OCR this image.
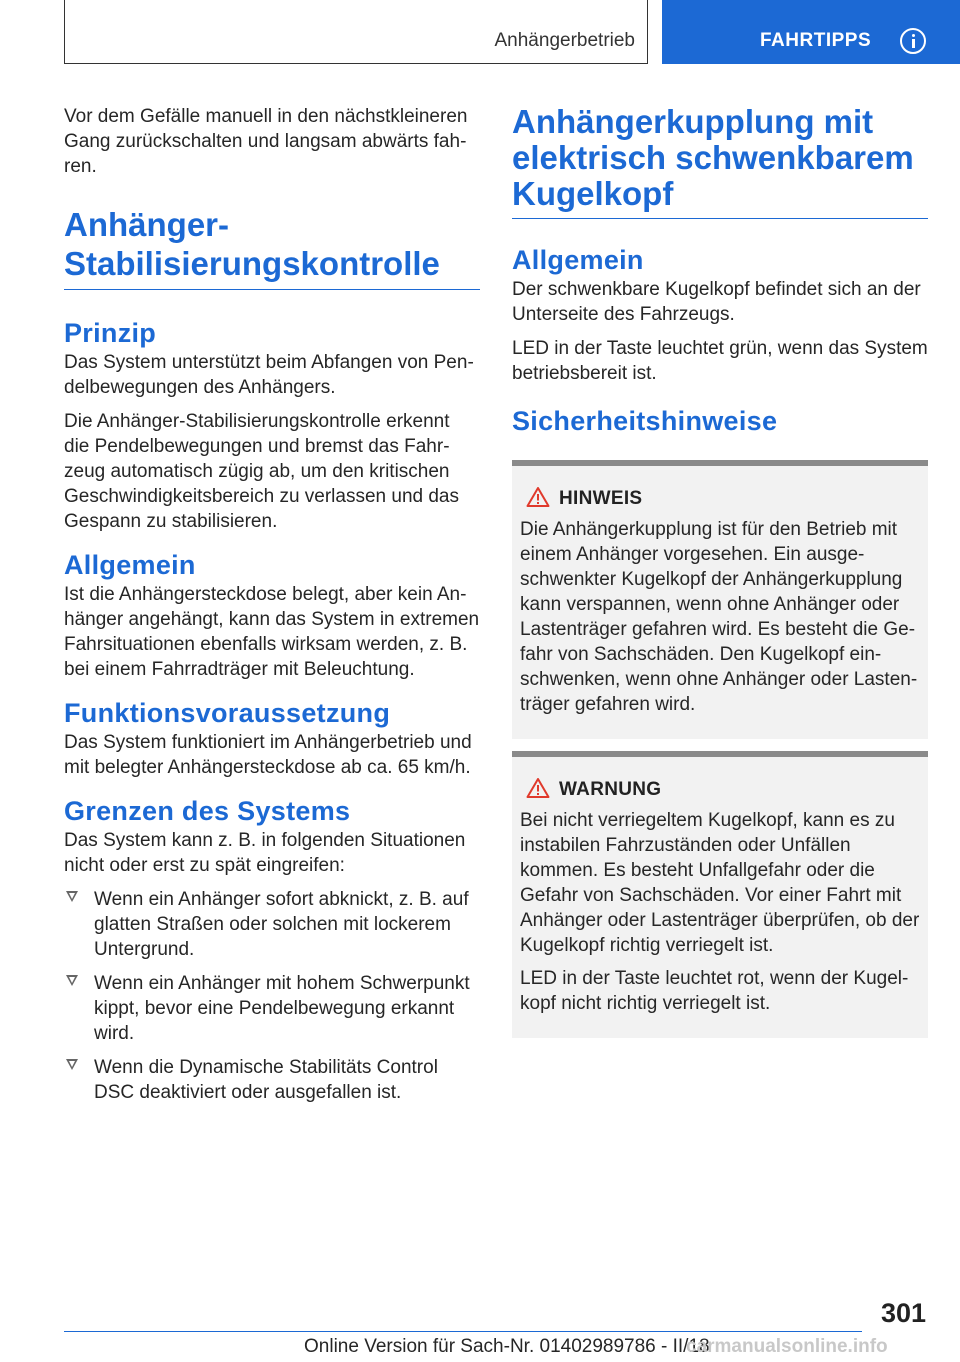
Anhängerbetrieb	FAHRTIPPS

Vor dem Gefälle manuell in den nächstkleineren Gang zurückschalten und langsam abwärts fahren.

Anhänger-
Stabilisierungskontrolle
Prinzip

Das System unterstützt beim Abfangen von Pendelbewegungen des Anhängers.

Die Anhänger-Stabilisierungskontrolle erkennt die Pendelbewegungen und bremst das Fahrzeug automatisch zügig ab, um den kritischen Geschwindigkeitsbereich zu verlassen und das Gespann zu stabilisieren.

Allgemein

Ist die Anhängersteckdose belegt, aber kein Anhänger angehängt, kann das System in extremen Fahrsituationen ebenfalls wirksam werden, z. B. bei einem Fahrradträger mit Beleuchtung.

Funktionsvoraussetzung

Das System funktioniert im Anhängerbetrieb und mit belegter Anhängersteckdose ab ca. 65 km/h.

Grenzen des Systems

Das System kann z. B. in folgenden Situationen nicht oder erst zu spät eingreifen:

Wenn ein Anhänger sofort abknickt, z. B. auf glatten Straßen oder solchen mit lockerem Untergrund.
Wenn ein Anhänger mit hohem Schwerpunkt kippt, bevor eine Pendelbewegung erkannt wird.
Wenn die Dynamische Stabilitäts Control DSC deaktiviert oder ausgefallen ist.
Anhängerkupplung mit
elektrisch schwenkbarem
Kugelkopf
Allgemein

Der schwenkbare Kugelkopf befindet sich an der Unterseite des Fahrzeugs.

LED in der Taste leuchtet grün, wenn das System betriebsbereit ist.

Sicherheitshinweise
HINWEIS

Die Anhängerkupplung ist für den Betrieb mit einem Anhänger vorgesehen. Ein ausgeschwenkter Kugelkopf der Anhängerkupplung kann verspannen, wenn ohne Anhänger oder Lastenträger gefahren wird. Es besteht die Gefahr von Sachschäden. Den Kugelkopf einschwenken, wenn ohne Anhänger oder Lastenträger gefahren wird.

WARNUNG

Bei nicht verriegeltem Kugelkopf, kann es zu instabilen Fahrzuständen oder Unfällen kommen. Es besteht Unfallgefahr oder die Gefahr von Sachschäden. Vor einer Fahrt mit Anhänger oder Lastenträger überprüfen, ob der Kugelkopf richtig verriegelt ist.

LED in der Taste leuchtet rot, wenn der Kugelkopf nicht richtig verriegelt ist.

301
Online Version für Sach-Nr. 01402989786 - II/18
carmanualsonline.info
